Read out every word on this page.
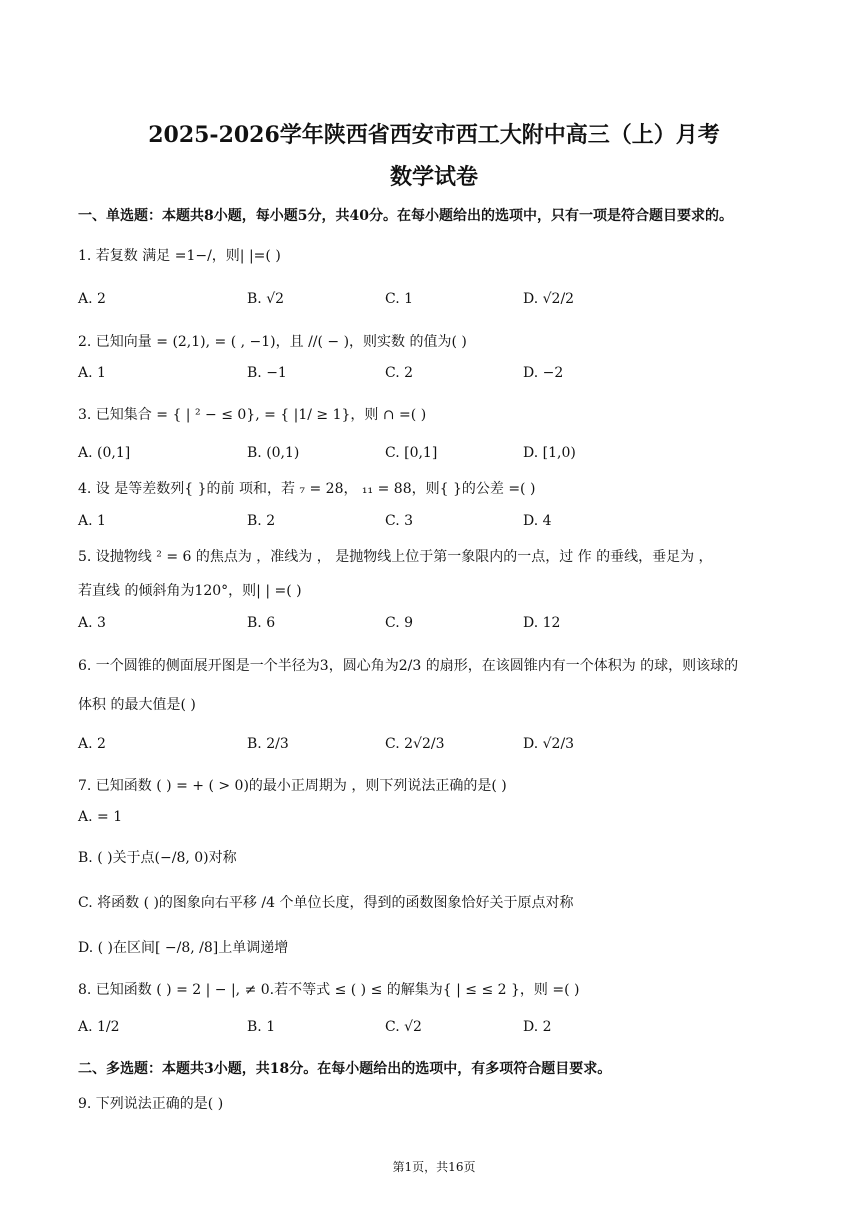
2025-2026学年陕西省西安市西工大附中高三（上）月考
数学试卷
一、单选题：本题共8小题，每小题5分，共40分。在每小题给出的选项中，只有一项是符合题目要求的。
1. 若复数 满足 =1−/，则| |=( )
A. 2	B. √2	C. 1	D. √2/2
2. 已知向量 = (2,1), = ( , −1)，且 //( − )，则实数 的值为( )
A. 1	B. −1	C. 2	D. −2
3. 已知集合 = { | ² − ≤ 0}, = { |1/ ≥ 1}，则 ∩ =( )
A. (0,1]	B. (0,1)	C. [0,1]	D. [1,0)
4. 设 是等差数列{ }的前 项和，若 ₇ = 28， ₁₁ = 88，则{ }的公差 =( )
A. 1	B. 2	C. 3	D. 4
5. 设抛物线 ² = 6 的焦点为 ，准线为 ， 是抛物线上位于第一象限内的一点，过 作 的垂线，垂足为 ，
若直线 的倾斜角为120°，则| | =( )
A. 3	B. 6	C. 9	D. 12
6. 一个圆锥的侧面展开图是一个半径为3，圆心角为2/3 的扇形，在该圆锥内有一个体积为 的球，则该球的
体积 的最大值是( )
A. 2	B. 2/3	C. 2√2/3	D. √2/3
7. 已知函数 ( ) = + ( > 0)的最小正周期为 ，则下列说法正确的是( )
A. = 1
B. ( )关于点(−/8, 0)对称
C. 将函数 ( )的图象向右平移 /4 个单位长度，得到的函数图象恰好关于原点对称
D. ( )在区间[ −/8, /8]上单调递增
8. 已知函数 ( ) = 2 | − |, ≠ 0.若不等式 ≤ ( ) ≤ 的解集为{ | ≤ ≤ 2 }，则 =( )
A. 1/2	B. 1	C. √2	D. 2
二、多选题：本题共3小题，共18分。在每小题给出的选项中，有多项符合题目要求。
9. 下列说法正确的是( )
第1页，共16页
